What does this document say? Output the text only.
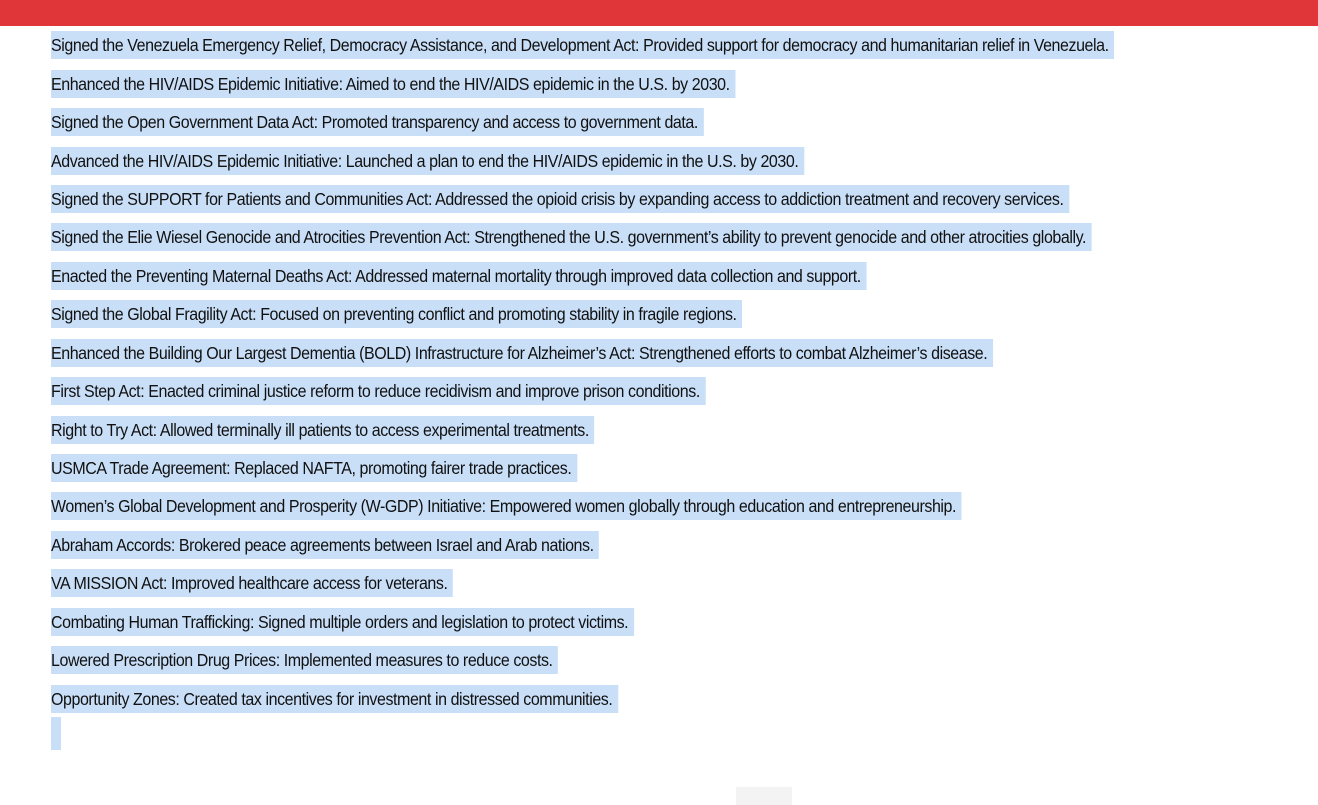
Signed the Venezuela Emergency Relief, Democracy Assistance, and Development Act: Provided support for democracy and humanitarian relief in Venezuela.
Enhanced the HIV/AIDS Epidemic Initiative: Aimed to end the HIV/AIDS epidemic in the U.S. by 2030.
Signed the Open Government Data Act: Promoted transparency and access to government data.
Advanced the HIV/AIDS Epidemic Initiative: Launched a plan to end the HIV/AIDS epidemic in the U.S. by 2030.
Signed the SUPPORT for Patients and Communities Act: Addressed the opioid crisis by expanding access to addiction treatment and recovery services.
Signed the Elie Wiesel Genocide and Atrocities Prevention Act: Strengthened the U.S. government’s ability to prevent genocide and other atrocities globally.
Enacted the Preventing Maternal Deaths Act: Addressed maternal mortality through improved data collection and support.
Signed the Global Fragility Act: Focused on preventing conflict and promoting stability in fragile regions.
Enhanced the Building Our Largest Dementia (BOLD) Infrastructure for Alzheimer’s Act: Strengthened efforts to combat Alzheimer’s disease.
First Step Act: Enacted criminal justice reform to reduce recidivism and improve prison conditions.
Right to Try Act: Allowed terminally ill patients to access experimental treatments.
USMCA Trade Agreement: Replaced NAFTA, promoting fairer trade practices.
Women’s Global Development and Prosperity (W-GDP) Initiative: Empowered women globally through education and entrepreneurship.
Abraham Accords: Brokered peace agreements between Israel and Arab nations.
VA MISSION Act: Improved healthcare access for veterans.
Combating Human Trafficking: Signed multiple orders and legislation to protect victims.
Lowered Prescription Drug Prices: Implemented measures to reduce costs.
Opportunity Zones: Created tax incentives for investment in distressed communities.
